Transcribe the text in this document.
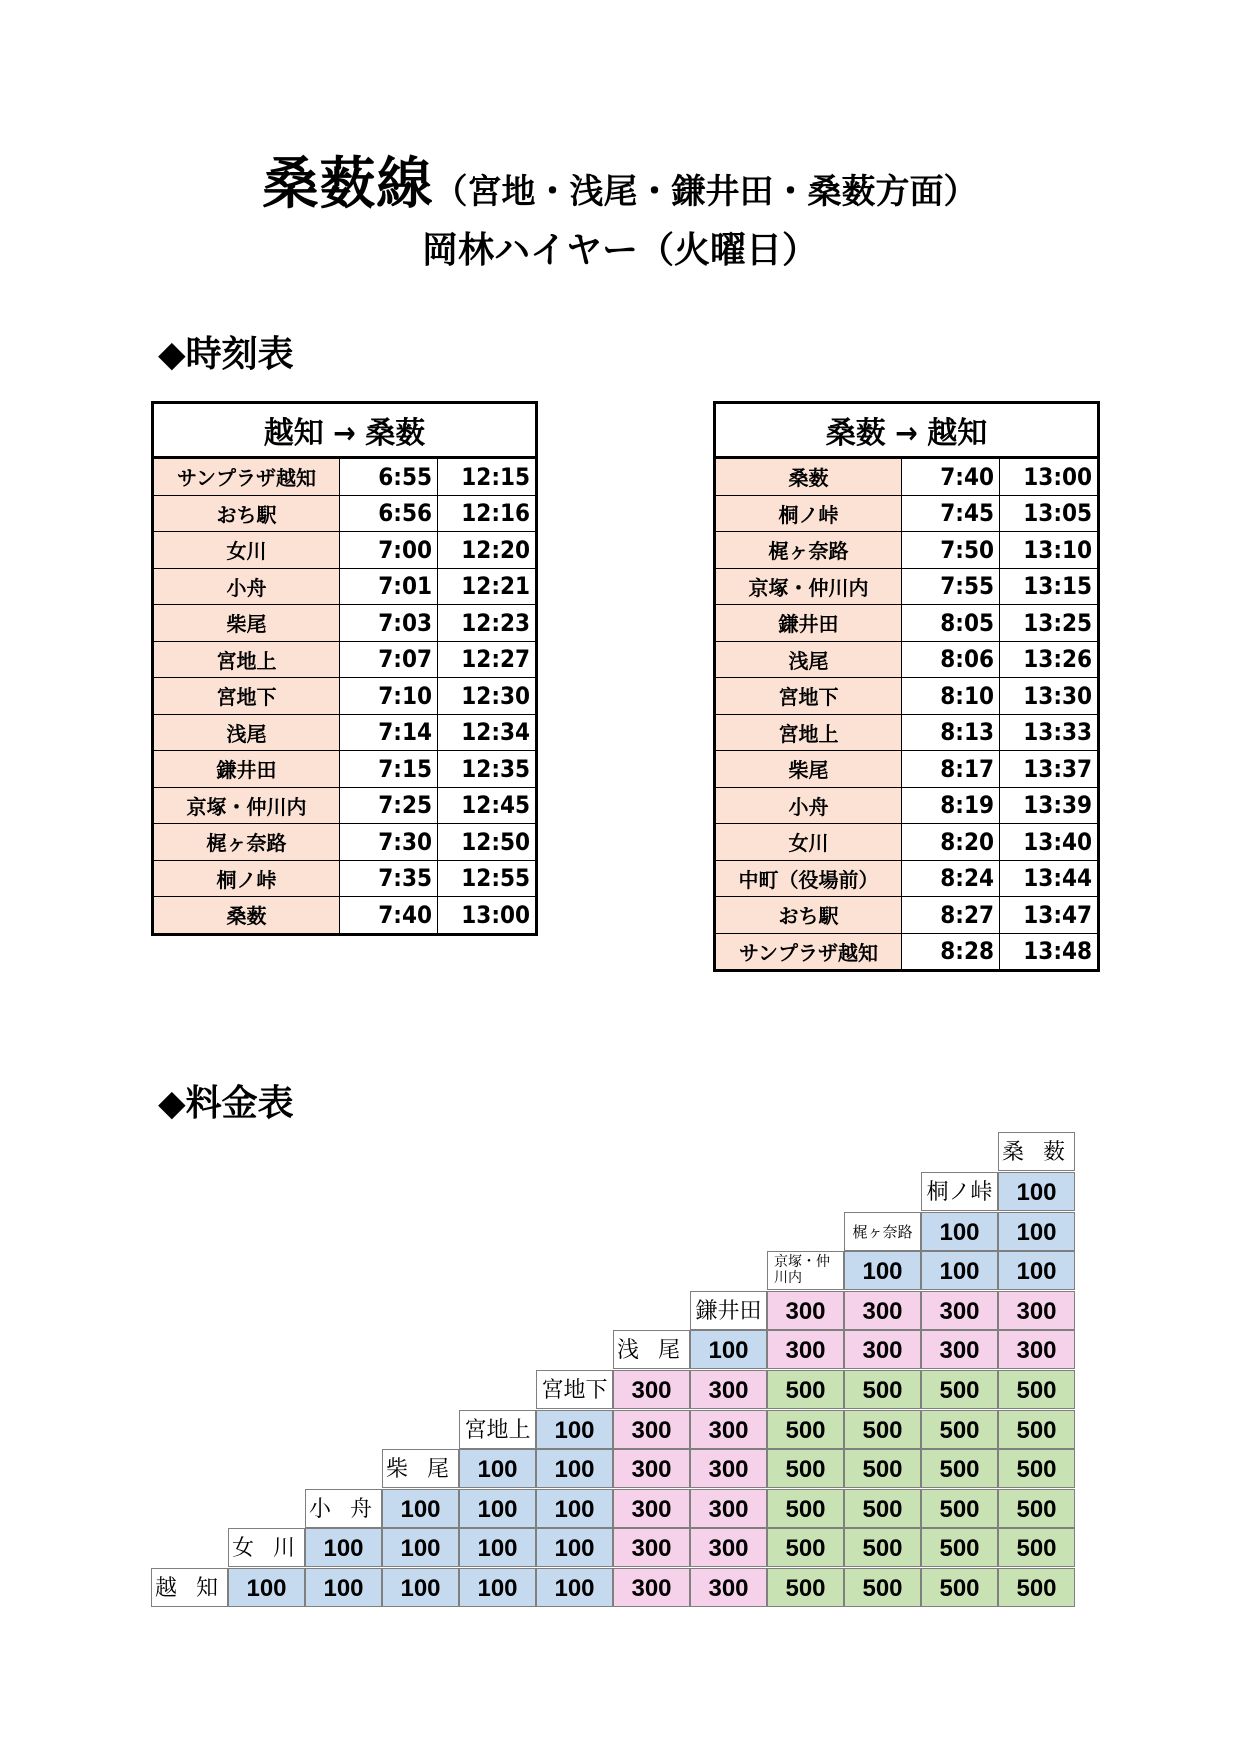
桑薮線（宮地・浅尾・鎌井田・桑薮方面）
岡林ハイヤー（火曜日）
◆時刻表
越知 → 桑薮		
サンプラザ越知	6:55	12:15
おち駅	6:56	12:16
女川	7:00	12:20
小舟	7:01	12:21
柴尾	7:03	12:23
宮地上	7:07	12:27
宮地下	7:10	12:30
浅尾	7:14	12:34
鎌井田	7:15	12:35
京塚・仲川内	7:25	12:45
梶ヶ奈路	7:30	12:50
桐ノ峠	7:35	12:55
桑薮	7:40	13:00
桑薮 → 越知		
桑薮	7:40	13:00
桐ノ峠	7:45	13:05
梶ヶ奈路	7:50	13:10
京塚・仲川内	7:55	13:15
鎌井田	8:05	13:25
浅尾	8:06	13:26
宮地下	8:10	13:30
宮地上	8:13	13:33
柴尾	8:17	13:37
小舟	8:19	13:39
女川	8:20	13:40
中町（役場前）	8:24	13:44
おち駅	8:27	13:47
サンプラザ越知	8:28	13:48
◆料金表
越 知 100	100	100	100	100	300	300	500	500	500	500
女 川 100	100	100	100	300	300	500	500	500	500
小 舟 100	100	100	300	300	500	500	500	500
柴 尾 100	100	300	300	500	500	500	500
宮地上 100	300	300	500	500	500	500
宮地下 300	300	500	500	500	500
浅 尾 100	300	300	300	300
鎌井田 300	300	300	300
京塚・仲川内	100	100	100
梶ヶ奈路	100	100
桐ノ峠 100
桑 薮
